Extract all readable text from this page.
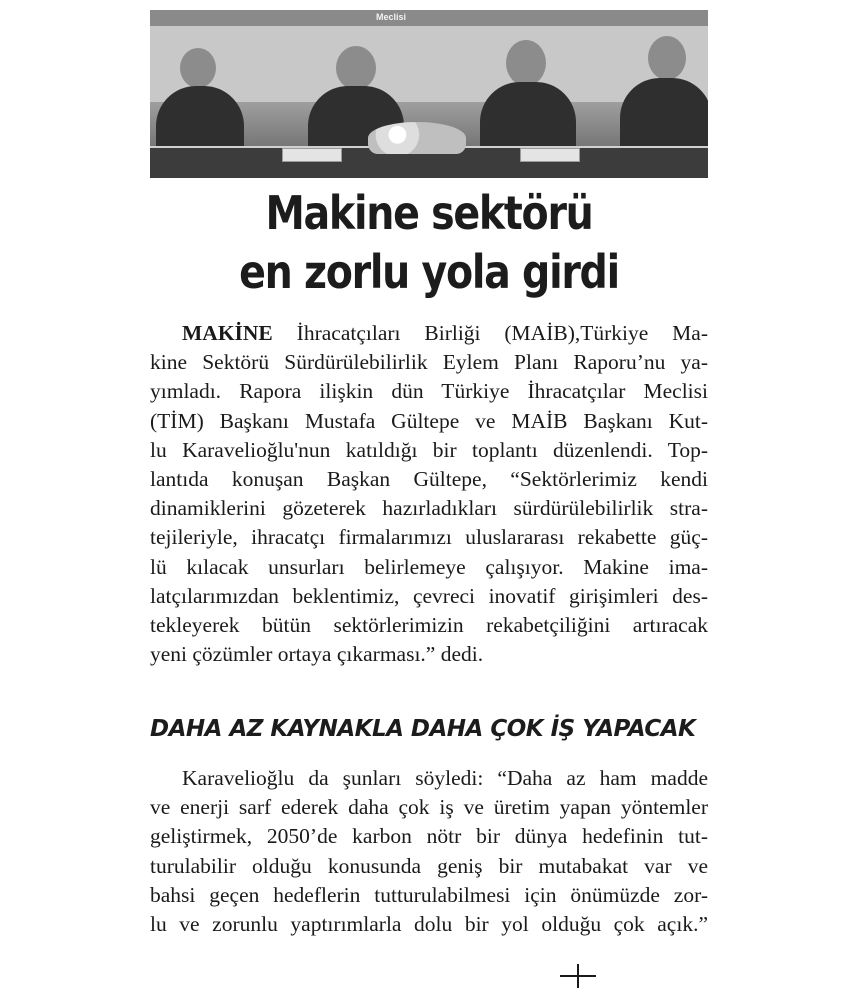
Meclisi
Makine sektörü
en zorlu yola girdi
MAKİNE İhracatçıları Birliği (MAİB),Türkiye Ma-
kine Sektörü Sürdürülebilirlik Eylem Planı Raporu’nu ya-
yımladı. Rapora ilişkin dün Türkiye İhracatçılar Meclisi
(TİM) Başkanı Mustafa Gültepe ve MAİB Başkanı Kut-
lu Karaveliоğlu'nun katıldığı bir toplantı düzenlendi. Top-
lantıda konuşan Başkan Gültepe, “Sektörlerimiz kendi
dinamiklerini gözeterek hazırladıkları sürdürülebilirlik stra-
tejileriyle, ihracatçı firmalarımızı uluslararası rekabette güç-
lü kılacak unsurları belirlemeye çalışıyor. Makine ima-
latçılarımızdan beklentimiz, çevreci inovatif girişimleri des-
tekleyerek bütün sektörlerimizin rekabetçiliğini artıracak
yeni çözümler ortaya çıkarması.” dedi.
DAHA AZ KAYNAKLA DAHA ÇOK İŞ YAPACAK
Karaveliоğlu da şunları söyledi: “Daha az ham madde
ve enerji sarf ederek daha çok iş ve üretim yapan yöntemler
geliştirmek, 2050’de karbon nötr bir dünya hedefinin tut-
turulabilir olduğu konusunda geniş bir mutabakat var ve
bahsi geçen hedeflerin tutturulabilmesi için önümüzde zor-
lu ve zorunlu yaptırımlarla dolu bir yol olduğu çok açık.”
